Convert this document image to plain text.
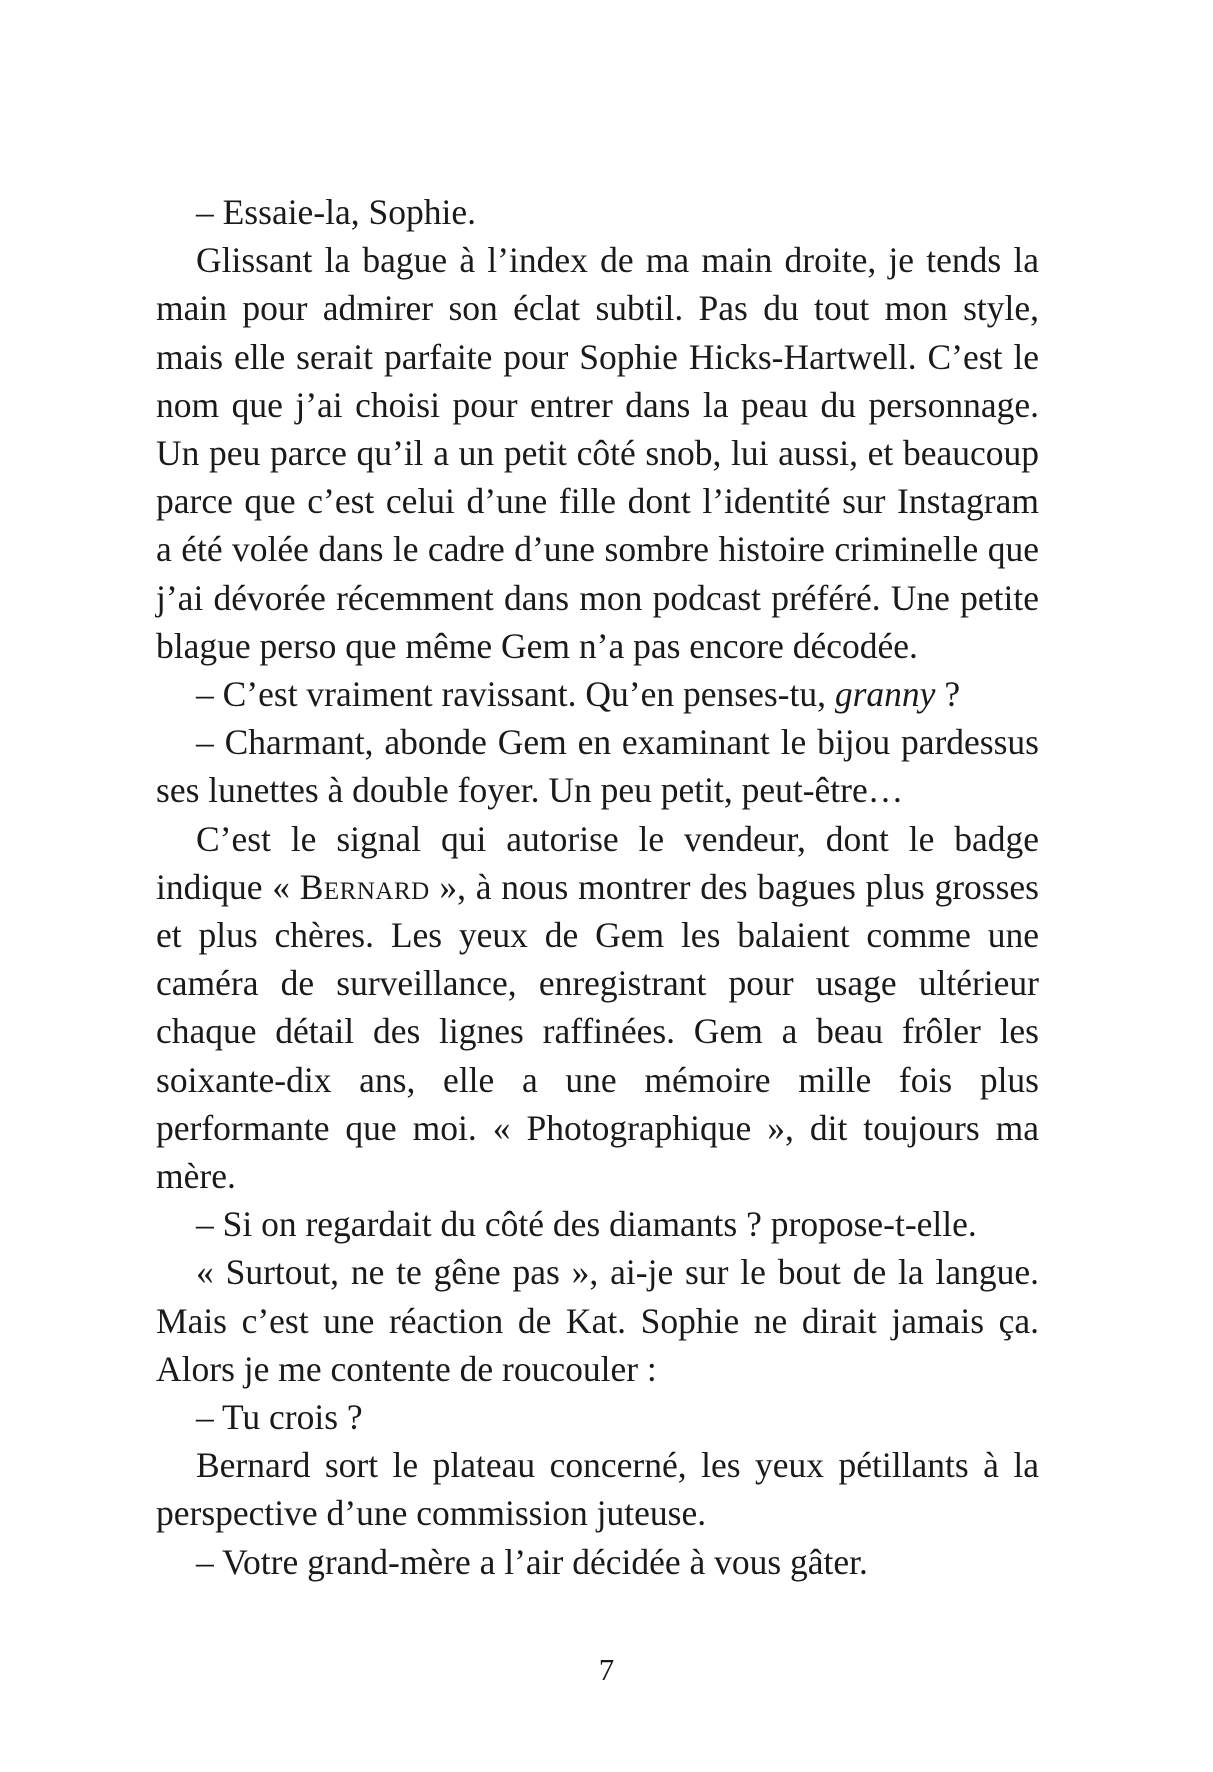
– Essaie-la, Sophie.

Glissant la bague à l’index de ma main droite, je tends la main pour admirer son éclat subtil. Pas du tout mon style, mais elle serait parfaite pour Sophie Hicks-Hartwell. C’est le nom que j’ai choisi pour entrer dans la peau du personnage. Un peu parce qu’il a un petit côté snob, lui aussi, et beaucoup parce que c’est celui d’une fille dont l’identité sur Instagram a été volée dans le cadre d’une sombre histoire criminelle que j’ai dévorée récemment dans mon podcast préféré. Une petite blague perso que même Gem n’a pas encore décodée.

– C’est vraiment ravissant. Qu’en penses-tu, granny ?

– Charmant, abonde Gem en examinant le bijou pardessus ses lunettes à double foyer. Un peu petit, peut-être…

C’est le signal qui autorise le vendeur, dont le badge indique « Bernard », à nous montrer des bagues plus grosses et plus chères. Les yeux de Gem les balaient comme une caméra de surveillance, enregistrant pour usage ultérieur chaque détail des lignes raffinées. Gem a beau frôler les soixante-dix ans, elle a une mémoire mille fois plus performante que moi. « Photographique », dit toujours ma mère.

– Si on regardait du côté des diamants ? propose-t-elle.

« Surtout, ne te gêne pas », ai-je sur le bout de la langue. Mais c’est une réaction de Kat. Sophie ne dirait jamais ça. Alors je me contente de roucouler :

– Tu crois ?

Bernard sort le plateau concerné, les yeux pétillants à la perspective d’une commission juteuse.

– Votre grand-mère a l’air décidée à vous gâter.

7
